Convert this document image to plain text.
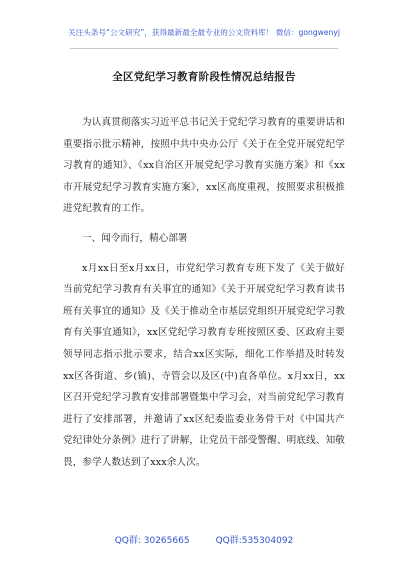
关注头条号“公文研究”，获得最新最全最专业的公文资料库！ 微信：gongwenyj
全区党纪学习教育阶段性情况总结报告

为认真贯彻落实习近平总书记关于党纪学习教育的重要讲话和重要指示批示精神，按照中共中央办公厅《关于在全党开展党纪学习教育的通知》、《xx自治区开展党纪学习教育实施方案》和《xx市开展党纪学习教育实施方案》，xx区高度重视，按照要求积极推进党纪教育的工作。

一、闻令而行，精心部署

x月xx日至x月xx日，市党纪学习教育专班下发了《关于做好当前党纪学习教育有关事宜的通知》《关于开展党纪学习教育读书班有关事宜的通知》及《关于推动全市基层党组织开展党纪学习教育有关事宜通知》，xx区党纪学习教育专班按照区委、区政府主要领导同志指示批示要求，结合xx区实际，细化工作举措及时转发xx区各街道、乡(镇)、寺管会以及区(中)直各单位。x月xx日，xx区召开党纪学习教育安排部署暨集中学习会，对当前党纪学习教育进行了安排部署，并邀请了xx区纪委监委业务骨干对《中国共产党纪律处分条例》进行了讲解，让党员干部受警醒、明底线、知敬畏，参学人数达到了xxx余人次。

QQ群: 30265665	QQ群:535304092
